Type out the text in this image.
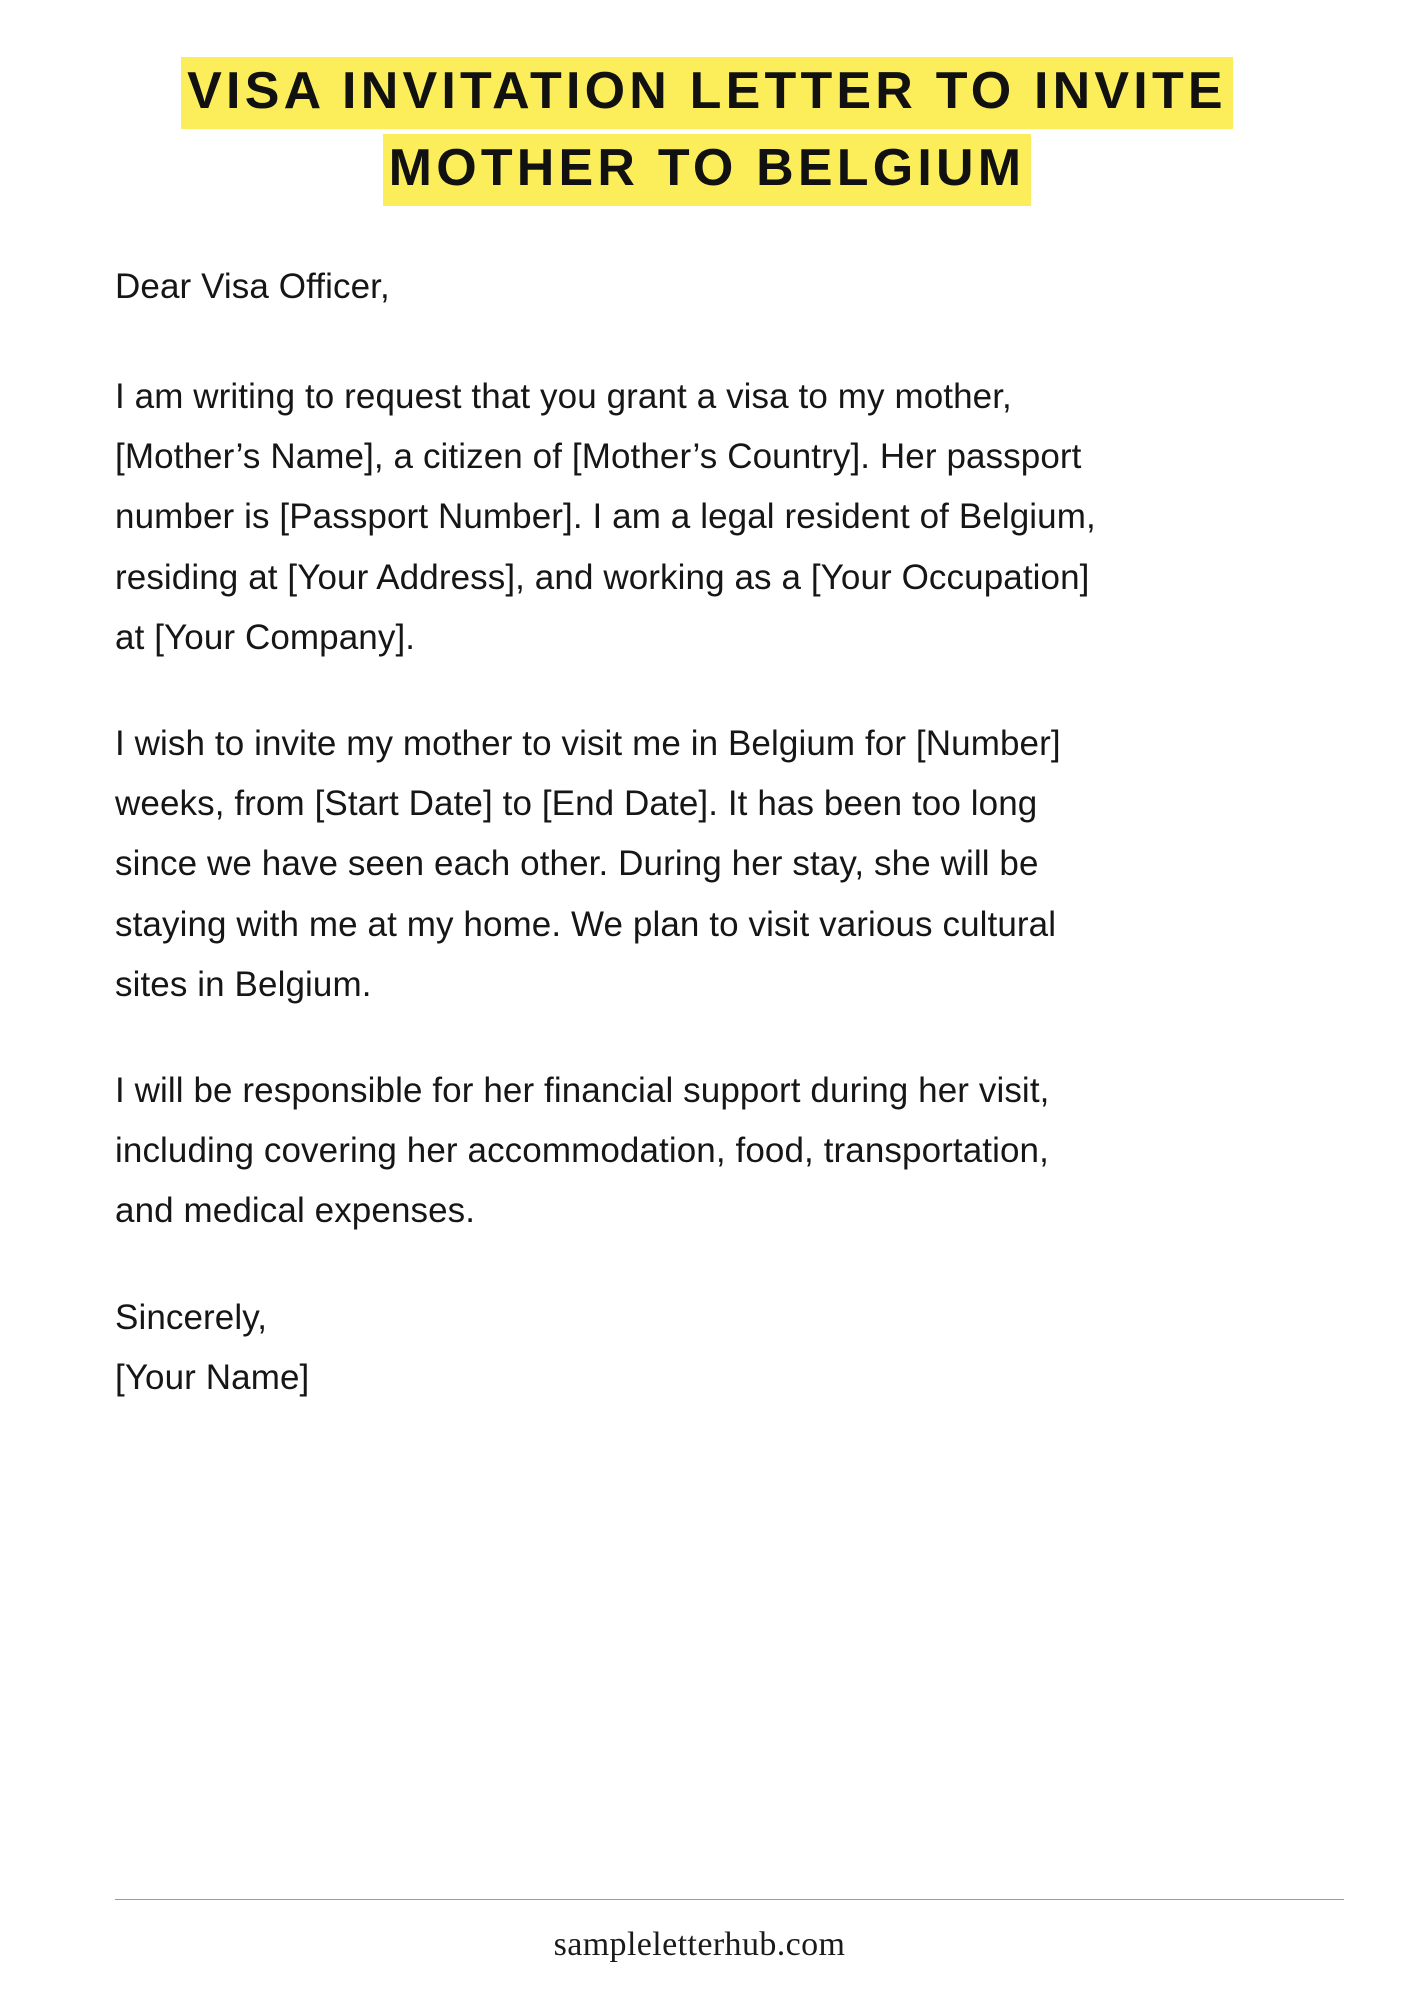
VISA INVITATION LETTER TO INVITE
MOTHER TO BELGIUM

Dear Visa Officer,

I am writing to request that you grant a visa to my mother, [Mother’s Name], a citizen of [Mother’s Country]. Her passport number is [Passport Number]. I am a legal resident of Belgium, residing at [Your Address], and working as a [Your Occupation] at [Your Company].

I wish to invite my mother to visit me in Belgium for [Number] weeks, from [Start Date] to [End Date]. It has been too long since we have seen each other. During her stay, she will be staying with me at my home. We plan to visit various cultural sites in Belgium.

I will be responsible for her financial support during her visit, including covering her accommodation, food, transportation, and medical expenses.

Sincerely,
[Your Name]
sampleletterhub.com
